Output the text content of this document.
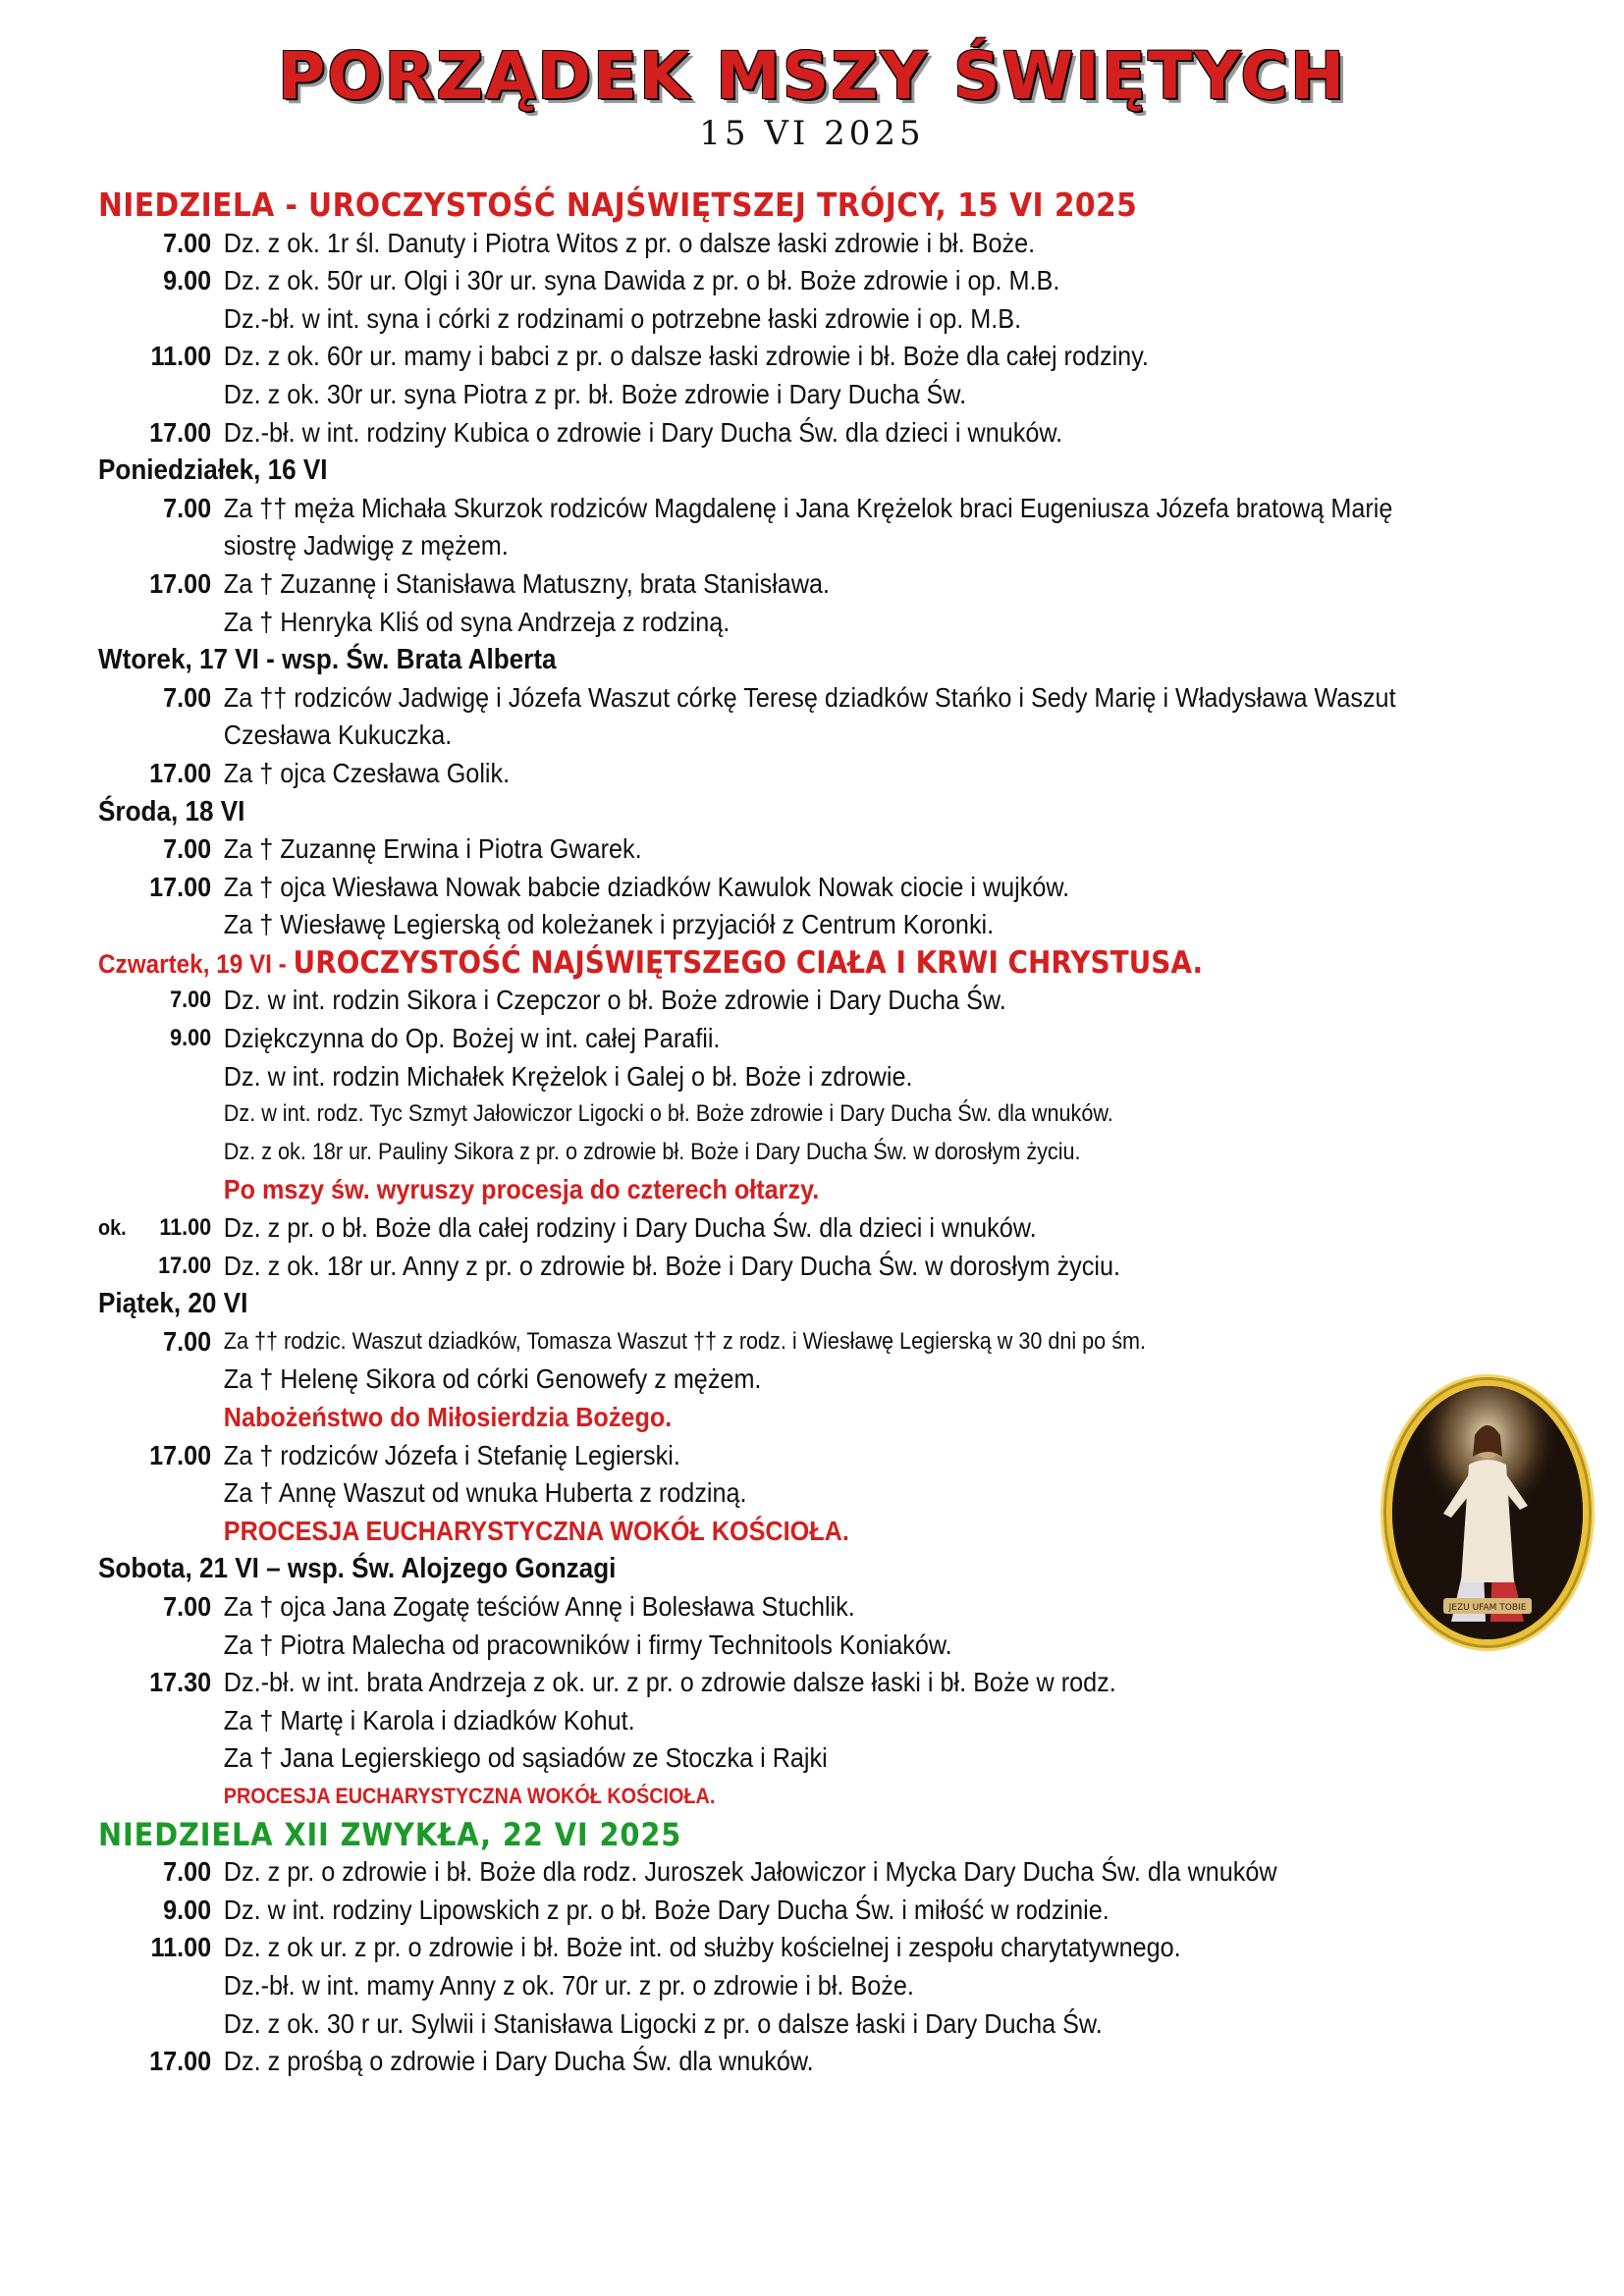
PORZĄDEK MSZY ŚWIĘTYCH
15 VI 2025
NIEDZIELA - UROCZYSTOŚĆ NAJŚWIĘTSZEJ TRÓJCY, 15 VI 2025
7.00 Dz. z ok. 1r śl. Danuty i Piotra Witos z pr. o dalsze łaski zdrowie i bł. Boże.
9.00 Dz. z ok. 50r ur. Olgi i 30r ur. syna Dawida z pr. o bł. Boże zdrowie i op. M.B.
Dz.-bł. w int. syna i córki z rodzinami o potrzebne łaski zdrowie i op. M.B.
11.00 Dz. z ok. 60r ur. mamy i babci z pr. o dalsze łaski zdrowie i bł. Boże dla całej rodziny.
Dz. z ok. 30r ur. syna Piotra z pr. bł. Boże zdrowie i Dary Ducha Św.
17.00 Dz.-bł. w int. rodziny Kubica o zdrowie i Dary Ducha Św. dla dzieci i wnuków.
Poniedziałek, 16 VI
7.00 Za †† męża Michała Skurzok rodziców Magdalenę i Jana Krężelok braci Eugeniusza Józefa bratową Marię
siostrę Jadwigę z mężem.
17.00 Za † Zuzannę i Stanisława Matuszny, brata Stanisława.
Za † Henryka Kliś od syna Andrzeja z rodziną.
Wtorek, 17 VI - wsp. Św. Brata Alberta
7.00 Za †† rodziców Jadwigę i Józefa Waszut córkę Teresę dziadków Stańko i Sedy Marię i Władysława Waszut
Czesława Kukuczka.
17.00 Za † ojca Czesława Golik.
Środa, 18 VI
7.00 Za † Zuzannę Erwina i Piotra Gwarek.
17.00 Za † ojca Wiesława Nowak babcie dziadków Kawulok Nowak ciocie i wujków.
Za † Wiesławę Legierską od koleżanek i przyjaciół z Centrum Koronki.
Czwartek, 19 VI - UROCZYSTOŚĆ NAJŚWIĘTSZEGO CIAŁA I KRWI CHRYSTUSA.
7.00 Dz. w int. rodzin Sikora i Czepczor o bł. Boże zdrowie i Dary Ducha Św.
9.00 Dziękczynna do Op. Bożej w int. całej Parafii.
Dz. w int. rodzin Michałek Krężelok i Galej o bł. Boże i zdrowie.
Dz. w int. rodz. Tyc Szmyt Jałowiczor Ligocki o bł. Boże zdrowie i Dary Ducha Św. dla wnuków.
Dz. z ok. 18r ur. Pauliny Sikora z pr. o zdrowie bł. Boże i Dary Ducha Św. w dorosłym życiu.
Po mszy św. wyruszy procesja do czterech ołtarzy.
ok. 11.00 Dz. z pr. o bł. Boże dla całej rodziny i Dary Ducha Św. dla dzieci i wnuków.
17.00 Dz. z ok. 18r ur. Anny z pr. o zdrowie bł. Boże i Dary Ducha Św. w dorosłym życiu.
Piątek, 20 VI
7.00 Za †† rodzic. Waszut dziadków, Tomasza Waszut †† z rodz. i Wiesławę Legierską w 30 dni po śm.
Za † Helenę Sikora od córki Genowefy z mężem.
Nabożeństwo do Miłosierdzia Bożego.
17.00 Za † rodziców Józefa i Stefanię Legierski.
Za † Annę Waszut od wnuka Huberta z rodziną.
PROCESJA EUCHARYSTYCZNA WOKÓŁ KOŚCIOŁA.
Sobota, 21 VI – wsp. Św. Alojzego Gonzagi
7.00 Za † ojca Jana Zogatę teściów Annę i Bolesława Stuchlik.
Za † Piotra Malecha od pracowników i firmy Technitools Koniaków.
17.30 Dz.-bł. w int. brata Andrzeja z ok. ur. z pr. o zdrowie dalsze łaski i bł. Boże w rodz.
Za † Martę i Karola i dziadków Kohut.
Za † Jana Legierskiego od sąsiadów ze Stoczka i Rajki
PROCESJA EUCHARYSTYCZNA WOKÓŁ KOŚCIOŁA.
NIEDZIELA XII ZWYKŁA, 22 VI 2025
7.00 Dz. z pr. o zdrowie i bł. Boże dla rodz. Juroszek Jałowiczor i Mycka Dary Ducha Św. dla wnuków
9.00 Dz. w int. rodziny Lipowskich z pr. o bł. Boże Dary Ducha Św. i miłość w rodzinie.
11.00 Dz. z ok ur. z pr. o zdrowie i bł. Boże int. od służby kościelnej i zespołu charytatywnego.
Dz.-bł. w int. mamy Anny z ok. 70r ur. z pr. o zdrowie i bł. Boże.
Dz. z ok. 30 r ur. Sylwii i Stanisława Ligocki z pr. o dalsze łaski i Dary Ducha Św.
17.00 Dz. z prośbą o zdrowie i Dary Ducha Św. dla wnuków.
JEZU UFAM TOBIE
